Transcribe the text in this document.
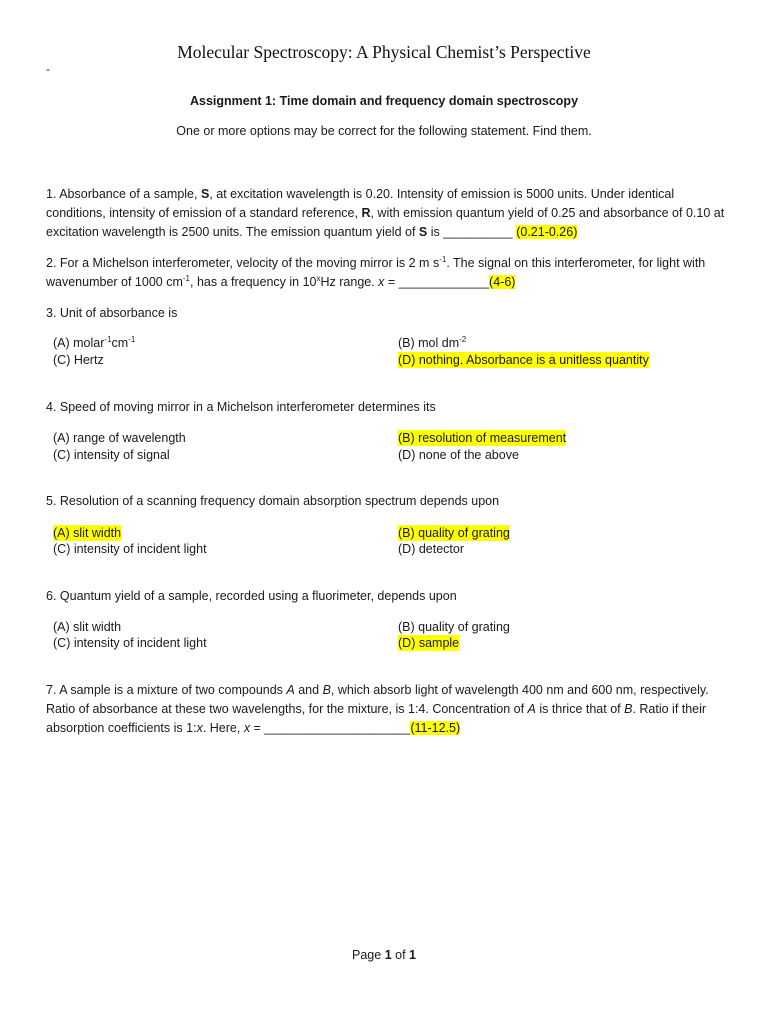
Molecular Spectroscopy: A Physical Chemist’s Perspective
-
Assignment 1: Time domain and frequency domain spectroscopy
One or more options may be correct for the following statement. Find them.
1. Absorbance of a sample, S, at excitation wavelength is 0.20. Intensity of emission is 5000 units. Under identical conditions, intensity of emission of a standard reference, R, with emission quantum yield of 0.25 and absorbance of 0.10 at excitation wavelength is 2500 units. The emission quantum yield of S is __________ (0.21-0.26)
2. For a Michelson interferometer, velocity of the moving mirror is 2 m $s^{-1}$. The signal on this interferometer, for light with wavenumber of 1000 $cm^{-1}$, has a frequency in 10$^x$Hz range. x = _____________(4-6)
3. Unit of absorbance is
(A) $molar^{-1}cm^{-1}$	(B) mol $dm^{-2}$
(C) Hertz	(D) nothing. Absorbance is a unitless quantity
4. Speed of moving mirror in a Michelson interferometer determines its
(A) range of wavelength	(B) resolution of measurement
(C) intensity of signal	(D) none of the above
5. Resolution of a scanning frequency domain absorption spectrum depends upon
(A) slit width	(B) quality of grating
(C) intensity of incident light	(D) detector
6. Quantum yield of a sample, recorded using a fluorimeter, depends upon
(A) slit width	(B) quality of grating
(C) intensity of incident light	(D) sample
7. A sample is a mixture of two compounds A and B, which absorb light of wavelength 400 nm and 600 nm, respectively. Ratio of absorbance at these two wavelengths, for the mixture, is 1:4. Concentration of A is thrice that of B. Ratio if their absorption coefficients is 1:x. Here, x = _____________________(11-12.5)
Page 1 of 1
